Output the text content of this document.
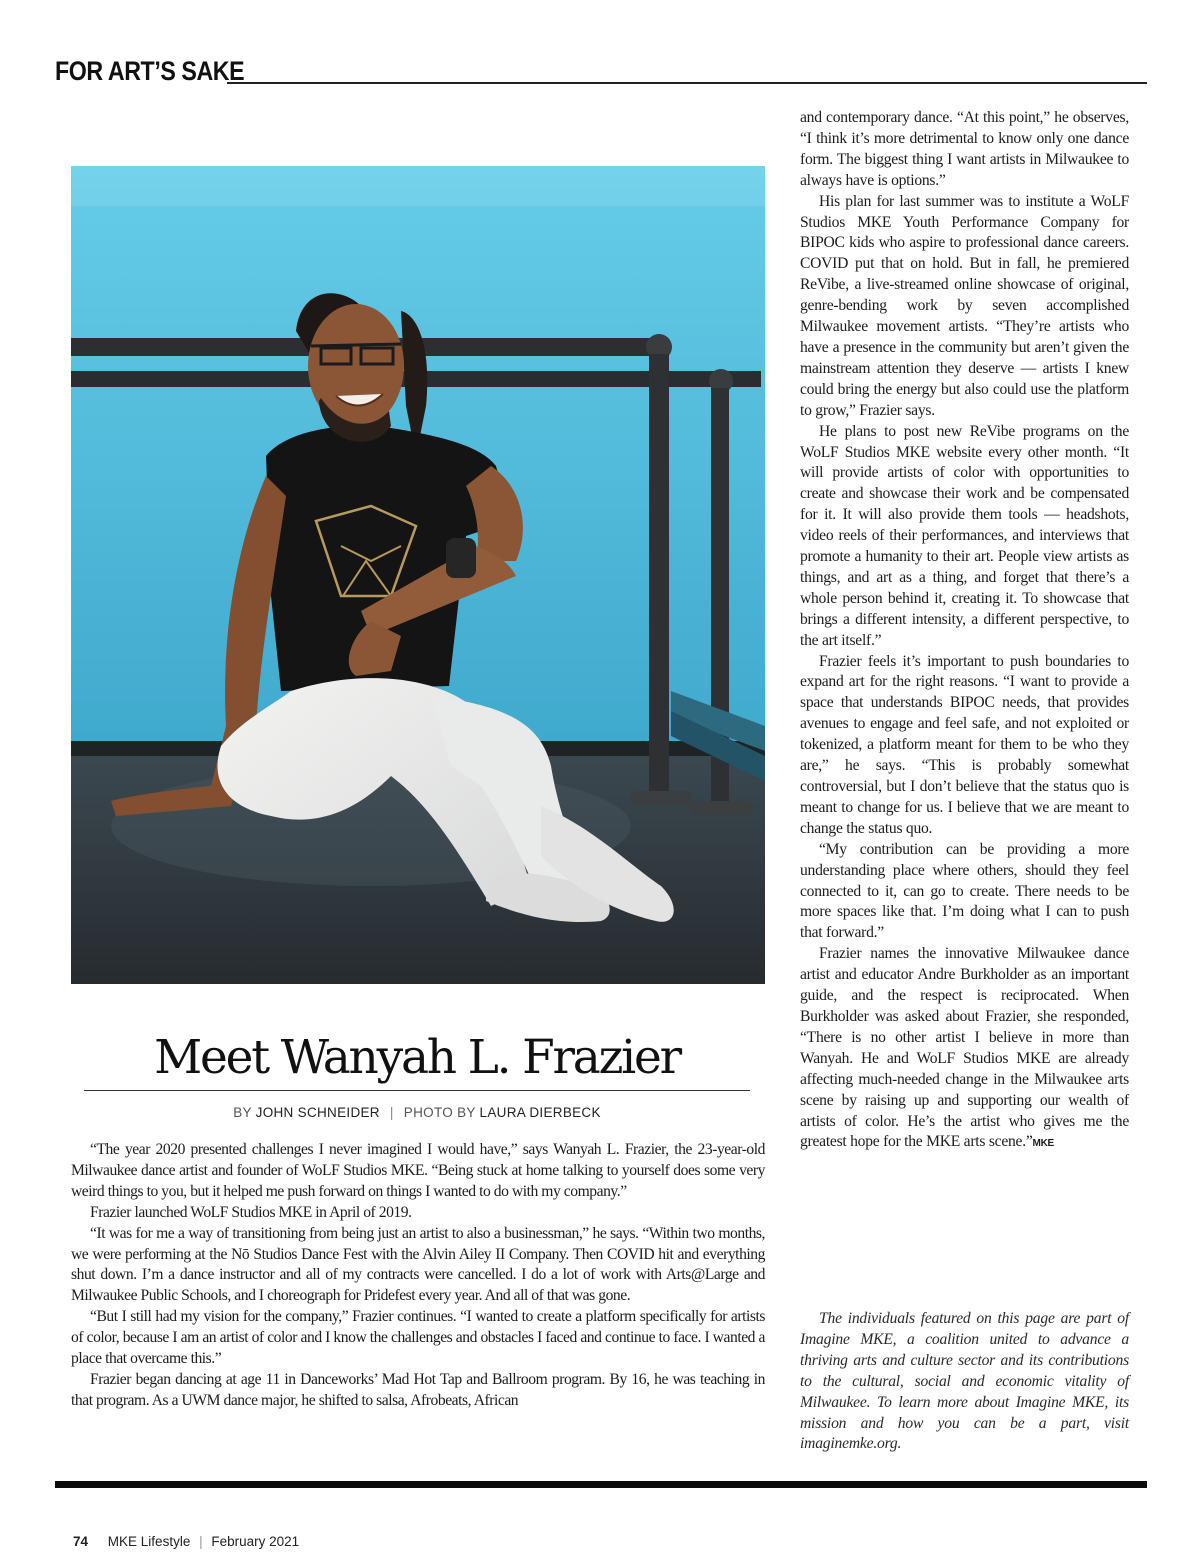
FOR ART’S SAKE
Meet Wanyah L. Frazier
BY JOHN SCHNEIDER | PHOTO BY LAURA DIERBECK

“The year 2020 presented challenges I never imagined I would have,” says Wanyah L. Frazier, the 23-year-old Milwaukee dance artist and founder of WoLF Studios MKE. “Being stuck at home talking to yourself does some very weird things to you, but it helped me push forward on things I wanted to do with my company.”

Frazier launched WoLF Studios MKE in April of 2019.

“It was for me a way of transitioning from being just an artist to also a businessman,” he says. “Within two months, we were performing at the Nō Studios Dance Fest with the Alvin Ailey II Company. Then COVID hit and everything shut down. I’m a dance instructor and all of my contracts were cancelled. I do a lot of work with Arts@Large and Milwaukee Public Schools, and I choreograph for Pridefest every year. And all of that was gone.

“But I still had my vision for the company,” Frazier continues. “I wanted to create a platform specifically for artists of color, because I am an artist of color and I know the challenges and obstacles I faced and continue to face. I wanted a place that overcame this.”

Frazier began dancing at age 11 in Danceworks’ Mad Hot Tap and Ballroom program. By 16, he was teaching in that program. As a UWM dance major, he shifted to salsa, Afrobeats, African

and contemporary dance. “At this point,” he observes, “I think it’s more detrimental to know only one dance form. The biggest thing I want artists in Milwaukee to always have is options.”

His plan for last summer was to institute a WoLF Studios MKE Youth Performance Company for BIPOC kids who aspire to professional dance careers. COVID put that on hold. But in fall, he premiered ReVibe, a live-streamed online showcase of original, genre-bending work by seven accomplished Milwaukee movement artists. “They’re artists who have a presence in the community but aren’t given the mainstream attention they deserve — artists I knew could bring the energy but also could use the platform to grow,” Frazier says.

He plans to post new ReVibe programs on the WoLF Studios MKE website every other month. “It will provide artists of color with opportunities to create and showcase their work and be compensated for it. It will also provide them tools — headshots, video reels of their performances, and interviews that promote a humanity to their art. People view artists as things, and art as a thing, and forget that there’s a whole person behind it, creating it. To showcase that brings a different intensity, a different perspective, to the art itself.”

Frazier feels it’s important to push boundaries to expand art for the right reasons. “I want to provide a space that understands BIPOC needs, that provides avenues to engage and feel safe, and not exploited or tokenized, a platform meant for them to be who they are,” he says. “This is probably somewhat controversial, but I don’t believe that the status quo is meant to change for us. I believe that we are meant to change the status quo.

“My contribution can be providing a more understanding place where others, should they feel connected to it, can go to create. There needs to be more spaces like that. I’m doing what I can to push that forward.”

Frazier names the innovative Milwaukee dance artist and educator Andre Burkholder as an important guide, and the respect is reciprocated. When Burkholder was asked about Frazier, she responded, “There is no other artist I believe in more than Wanyah. He and WoLF Studios MKE are already affecting much-needed change in the Milwaukee arts scene by raising up and supporting our wealth of artists of color. He’s the artist who gives me the greatest hope for the MKE arts scene.”MKE

The individuals featured on this page are part of Imagine MKE, a coalition united to advance a thriving arts and culture sector and its contributions to the cultural, social and economic vitality of Milwaukee. To learn more about Imagine MKE, its mission and how you can be a part, visit imaginemke.org.
74 MKE Lifestyle | February 2021
